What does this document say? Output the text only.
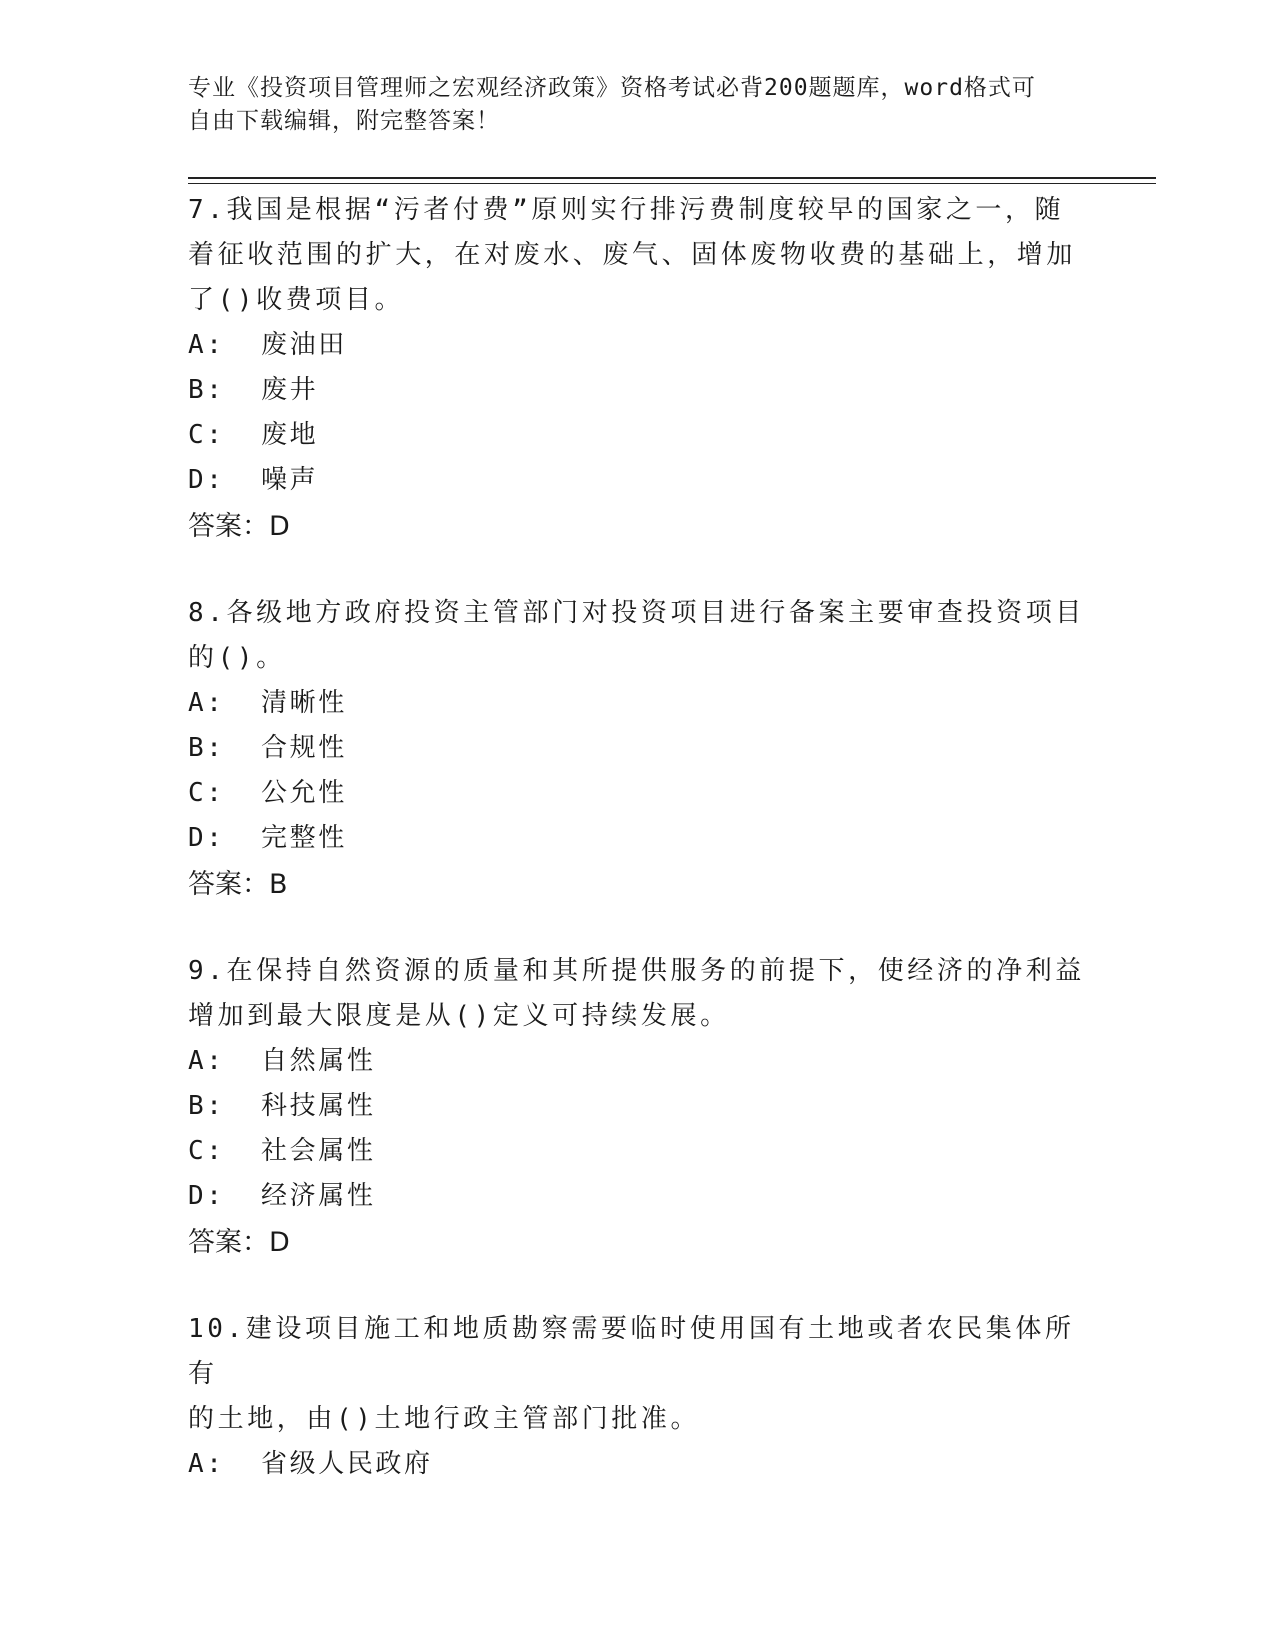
专业《投资项目管理师之宏观经济政策》资格考试必背200题题库，word格式可
自由下载编辑，附完整答案！

7.我国是根据“污者付费”原则实行排污费制度较早的国家之一，随

着征收范围的扩大，在对废水、废气、固体废物收费的基础上，增加

了()收费项目。

A:  废油田

B:  废井

C:  废地

D:  噪声

答案：D

8.各级地方政府投资主管部门对投资项目进行备案主要审查投资项目

的()。

A:  清晰性

B:  合规性

C:  公允性

D:  完整性

答案：B

9.在保持自然资源的质量和其所提供服务的前提下，使经济的净利益

增加到最大限度是从()定义可持续发展。

A:  自然属性

B:  科技属性

C:  社会属性

D:  经济属性

答案：D

10.建设项目施工和地质勘察需要临时使用国有土地或者农民集体所有

的土地，由()土地行政主管部门批准。

A:  省级人民政府
